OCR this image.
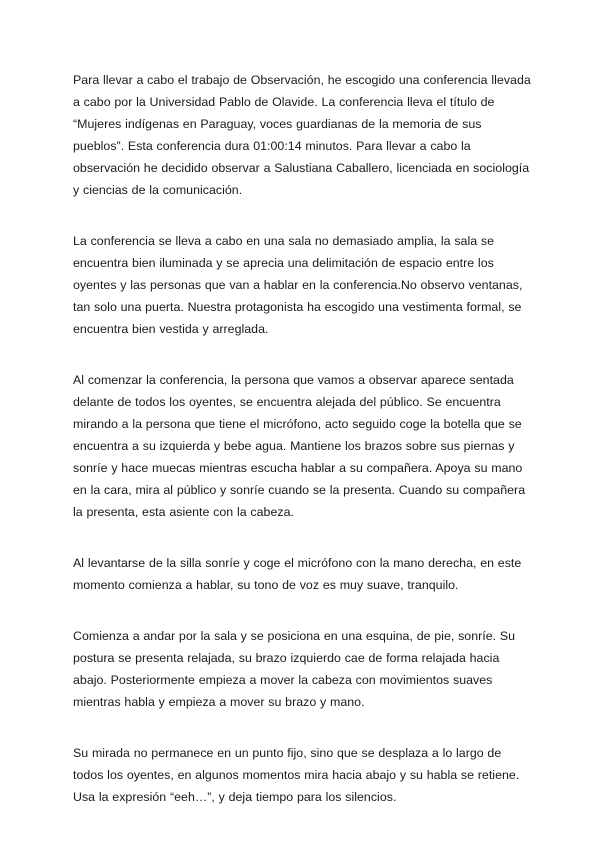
Para llevar a cabo el trabajo de Observación, he escogido una conferencia llevada a cabo por la Universidad Pablo de Olavide. La conferencia lleva el título de “Mujeres indígenas en Paraguay, voces guardianas de la memoria de sus pueblos”. Esta conferencia dura 01:00:14 minutos. Para llevar a cabo la observación he decidido observar a Salustiana Caballero, licenciada en sociología y ciencias de la comunicación.

La conferencia se lleva a cabo en una sala no demasiado amplia, la sala se encuentra bien iluminada y se aprecia una delimitación de espacio entre los oyentes y las personas que van a hablar en la conferencia.No observo ventanas, tan solo una puerta. Nuestra protagonista ha escogido una vestimenta formal, se encuentra bien vestida y arreglada.

Al comenzar la conferencia, la persona que vamos a observar aparece sentada delante de todos los oyentes, se encuentra alejada del público. Se encuentra mirando a la persona que tiene el micrófono, acto seguido coge la botella que se encuentra a su izquierda y bebe agua. Mantiene los brazos sobre sus piernas y sonríe y hace muecas mientras escucha hablar a su compañera. Apoya su mano en la cara, mira al público y sonríe cuando se la presenta. Cuando su compañera la presenta, esta asiente con la cabeza.

Al levantarse de la silla sonríe y coge el micrófono con la mano derecha, en este momento comienza a hablar, su tono de voz es muy suave, tranquilo.

Comienza a andar por la sala y se posiciona en una esquina, de pie, sonríe. Su postura se presenta relajada, su brazo izquierdo cae de forma relajada hacia abajo. Posteriormente empieza a mover la cabeza con movimientos suaves mientras habla y empieza a mover su brazo y mano.

Su mirada no permanece en un punto fijo, sino que se desplaza a lo largo de todos los oyentes, en algunos momentos mira hacia abajo y su habla se retiene. Usa la expresión “eeh…”, y deja tiempo para los silencios.
